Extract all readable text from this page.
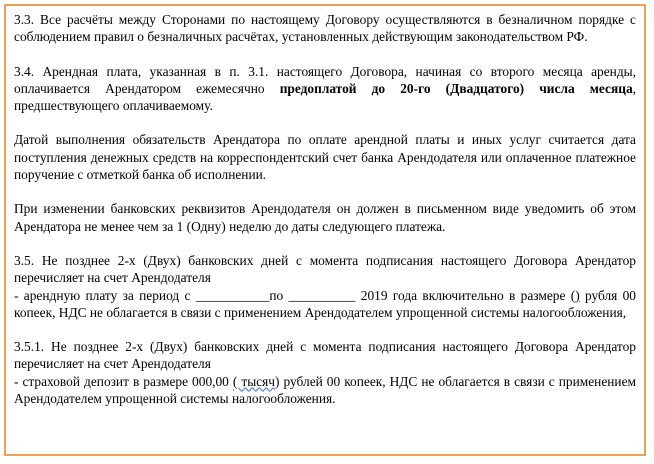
3.3. Все расчёты между Сторонами по настоящему Договору осуществляются в безналичном порядке с соблюдением правил о безналичных расчётах, установленных действующим законодательством РФ.

3.4. Арендная плата, указанная в п. 3.1. настоящего Договора, начиная со второго месяца аренды, оплачивается Арендатором ежемесячно предоплатой до 20-го (Двадцатого) числа месяца, предшествующего оплачиваемому.

Датой выполнения обязательств Арендатора по оплате арендной платы и иных услуг считается дата поступления денежных средств на корреспондентский счет банка Арендодателя или оплаченное платежное поручение с отметкой банка об исполнении.

При изменении банковских реквизитов Арендодателя он должен в письменном виде уведомить об этом Арендатора не менее чем за 1 (Одну) неделю до даты следующего платежа.

3.5. Не позднее 2-х (Двух) банковских дней с момента подписания настоящего Договора Арендатор перечисляет на счет Арендодателя

- арендную плату за период с ___________по __________ 2019 года включительно в размере () рубля 00 копеек, НДС не облагается в связи с применением Арендодателем упрощенной системы налогообложения,

3.5.1. Не позднее 2-х (Двух) банковских дней с момента подписания настоящего Договора Арендатор перечисляет на счет Арендодателя

- страховой депозит в размере 000,00 ( тысяч) рублей 00 копеек, НДС не облагается в связи с применением Арендодателем упрощенной системы налогообложения.
